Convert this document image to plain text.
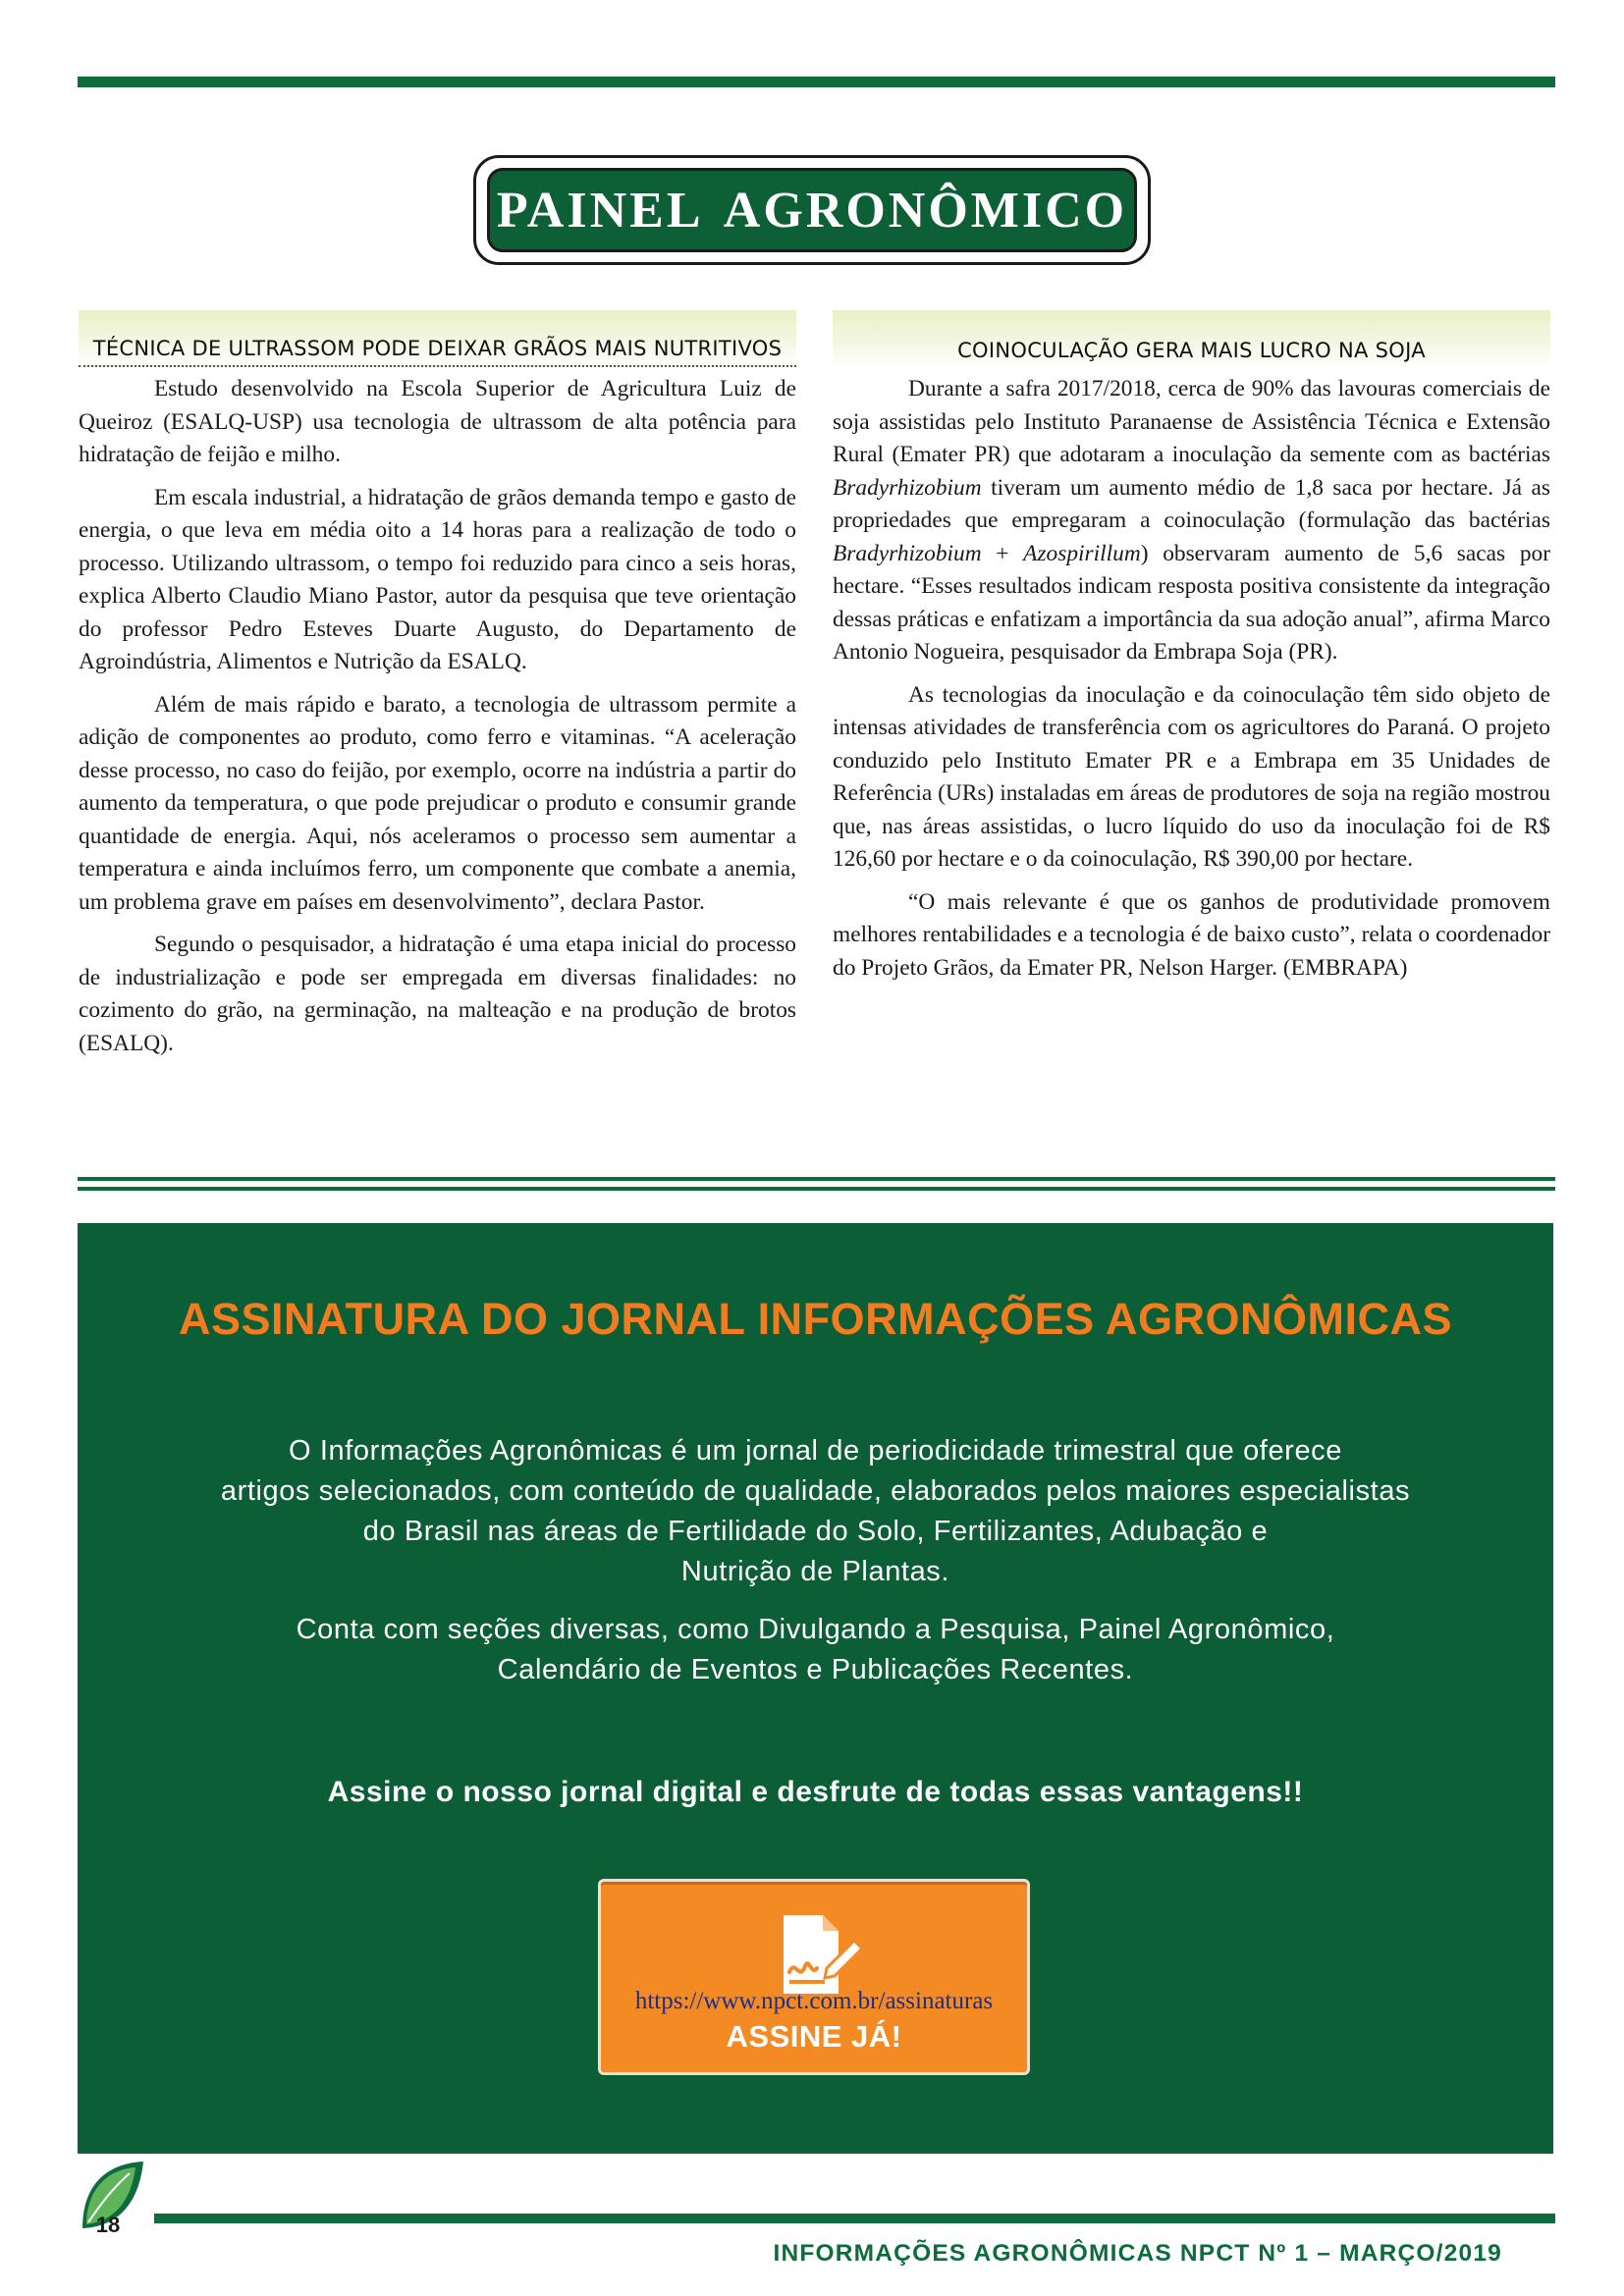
PAINEL AGRONÔMICO
TÉCNICA DE ULTRASSOM PODE DEIXAR GRÃOS MAIS NUTRITIVOS

Estudo desenvolvido na Escola Superior de Agricultura Luiz de Queiroz (ESALQ-USP) usa tecnologia de ultrassom de alta potência para hidratação de feijão e milho.

Em escala industrial, a hidratação de grãos demanda tempo e gasto de energia, o que leva em média oito a 14 horas para a realização de todo o processo. Utilizando ultrassom, o tempo foi reduzido para cinco a seis horas, explica Alberto Claudio Miano Pastor, autor da pesquisa que teve orientação do professor Pedro Esteves Duarte Augusto, do Departamento de Agroindústria, Alimentos e Nutrição da ESALQ.

Além de mais rápido e barato, a tecnologia de ultrassom permite a adição de componentes ao produto, como ferro e vitaminas. “A aceleração desse processo, no caso do feijão, por exemplo, ocorre na indústria a partir do aumento da temperatura, o que pode prejudicar o produto e consumir grande quantidade de energia. Aqui, nós aceleramos o processo sem aumentar a temperatura e ainda incluímos ferro, um componente que combate a anemia, um problema grave em países em desenvolvimento”, declara Pastor.

Segundo o pesquisador, a hidratação é uma etapa inicial do processo de industrialização e pode ser empregada em diversas finalidades: no cozimento do grão, na germinação, na malteação e na produção de brotos (ESALQ).

COINOCULAÇÃO GERA MAIS LUCRO NA SOJA

Durante a safra 2017/2018, cerca de 90% das lavouras comerciais de soja assistidas pelo Instituto Paranaense de Assistência Técnica e Extensão Rural (Emater PR) que adotaram a inoculação da semente com as bactérias Bradyrhizobium tiveram um aumento médio de 1,8 saca por hectare. Já as propriedades que empregaram a coinoculação (formulação das bactérias Bradyrhizobium + Azospirillum) observaram aumento de 5,6 sacas por hectare. “Esses resultados indicam resposta positiva consistente da integração dessas práticas e enfatizam a importância da sua adoção anual”, afirma Marco Antonio Nogueira, pesquisador da Embrapa Soja (PR).

As tecnologias da inoculação e da coinoculação têm sido objeto de intensas atividades de transferência com os agricultores do Paraná. O projeto conduzido pelo Instituto Emater PR e a Embrapa em 35 Unidades de Referência (URs) instaladas em áreas de produtores de soja na região mostrou que, nas áreas assistidas, o lucro líquido do uso da inoculação foi de R$ 126,60 por hectare e o da coinoculação, R$ 390,00 por hectare.

“O mais relevante é que os ganhos de produtividade promovem melhores rentabilidades e a tecnologia é de baixo custo”, relata o coordenador do Projeto Grãos, da Emater PR, Nelson Harger. (EMBRAPA)

ASSINATURA DO JORNAL INFORMAÇÕES AGRONÔMICAS
O Informações Agronômicas é um jornal de periodicidade trimestral que oferece
artigos selecionados, com conteúdo de qualidade, elaborados pelos maiores especialistas
do Brasil nas áreas de Fertilidade do Solo, Fertilizantes, Adubação e
Nutrição de Plantas.
Conta com seções diversas, como Divulgando a Pesquisa, Painel Agronômico,
Calendário de Eventos e Publicações Recentes.
Assine o nosso jornal digital e desfrute de todas essas vantagens!!
https://www.npct.com.br/assinaturas
ASSINE JÁ!
18
INFORMAÇÕES AGRONÔMICAS NPCT Nº 1 – MARÇO/2019
